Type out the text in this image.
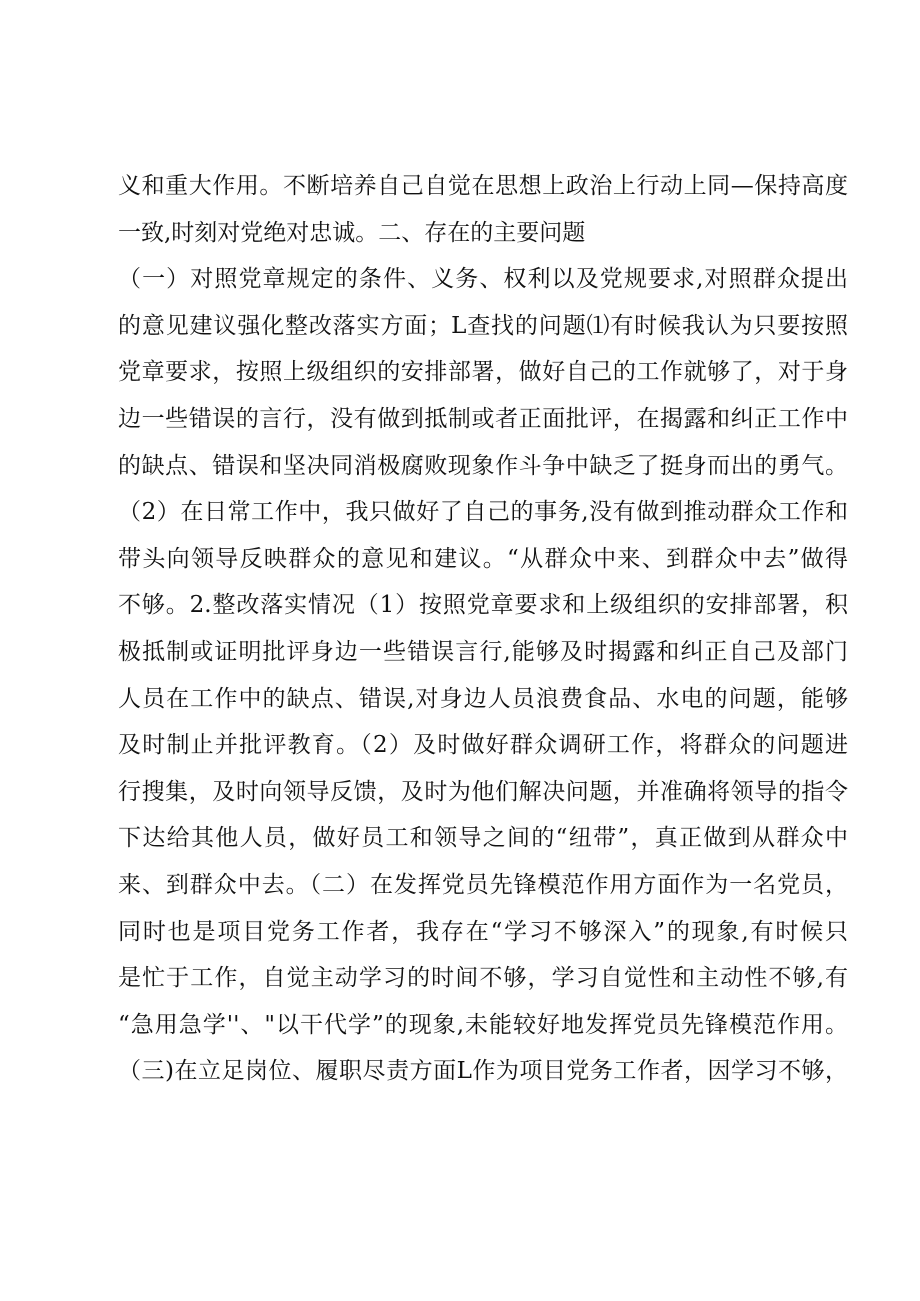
义和重大作用。不断培养自己自觉在思想上政治上行动上同—保持高度
一致,时刻对党绝对忠诚。二、存在的主要问题
（一）对照党章规定的条件、义务、权利以及党规要求,对照群众提出
的意见建议强化整改落实方面；L查找的问题⑴有时候我认为只要按照
党章要求，按照上级组织的安排部署，做好自己的工作就够了，对于身
边一些错误的言行，没有做到抵制或者正面批评，在揭露和纠正工作中
的缺点、错误和坚决同消极腐败现象作斗争中缺乏了挺身而出的勇气。
（2）在日常工作中，我只做好了自己的事务,没有做到推动群众工作和
带头向领导反映群众的意见和建议。“从群众中来、到群众中去”做得
不够。2.整改落实情况（1）按照党章要求和上级组织的安排部署，积
极抵制或证明批评身边一些错误言行,能够及时揭露和纠正自己及部门
人员在工作中的缺点、错误,对身边人员浪费食品、水电的问题，能够
及时制止并批评教育。（2）及时做好群众调研工作，将群众的问题进
行搜集，及时向领导反馈，及时为他们解决问题，并准确将领导的指令
下达给其他人员，做好员工和领导之间的“纽带”，真正做到从群众中
来、到群众中去。（二）在发挥党员先锋模范作用方面作为一名党员，
同时也是项目党务工作者，我存在“学习不够深入”的现象,有时候只
是忙于工作，自觉主动学习的时间不够，学习自觉性和主动性不够,有
“急用急学''、"以干代学”的现象,未能较好地发挥党员先锋模范作用。
（三)在立足岗位、履职尽责方面L作为项目党务工作者，因学习不够，
